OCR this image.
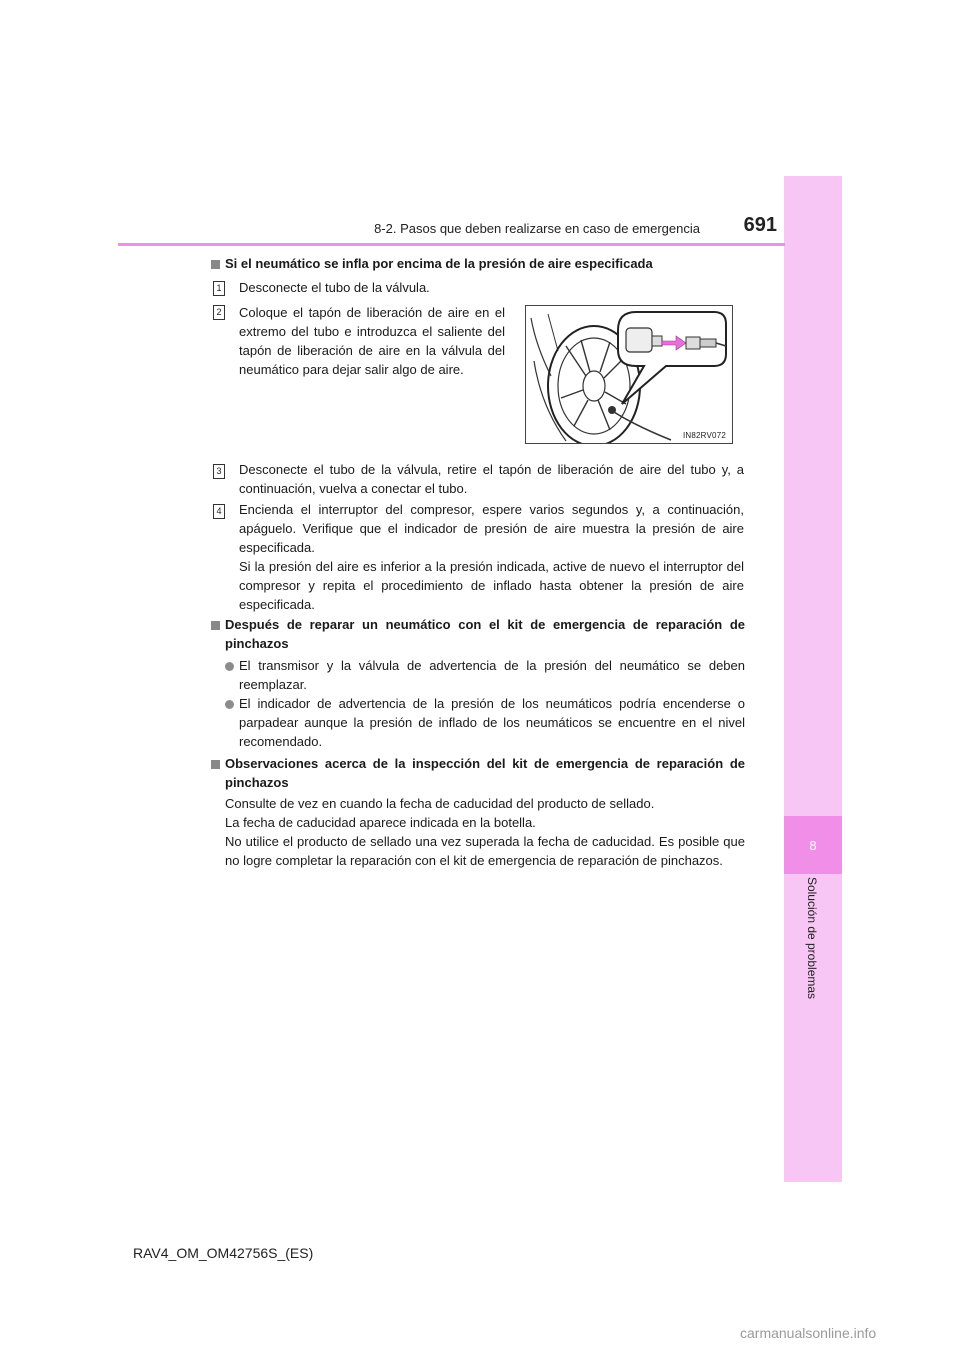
8
Solución de problemas
8-2. Pasos que deben realizarse en caso de emergencia	691
Si el neumático se infla por encima de la presión de aire especificada
1 Desconecte el tubo de la válvula.
2 Coloque el tapón de liberación de aire en el extremo del tubo e introduzca el saliente del tapón de liberación de aire en la válvula del neumático para dejar salir algo de aire.
IN82RV072
3 Desconecte el tubo de la válvula, retire el tapón de liberación de aire del tubo y, a continuación, vuelva a conectar el tubo.
4 Encienda el interruptor del compresor, espere varios segundos y, a continuación, apáguelo. Verifique que el indicador de presión de aire muestra la presión de aire especificada.
Si la presión del aire es inferior a la presión indicada, active de nuevo el interruptor del compresor y repita el procedimiento de inflado hasta obtener la presión de aire especificada.
Después de reparar un neumático con el kit de emergencia de reparación de pinchazos
El transmisor y la válvula de advertencia de la presión del neumático se deben reemplazar.
El indicador de advertencia de la presión de los neumáticos podría encenderse o parpadear aunque la presión de inflado de los neumáticos se encuentre en el nivel recomendado.
Observaciones acerca de la inspección del kit de emergencia de reparación de pinchazos
Consulte de vez en cuando la fecha de caducidad del producto de sellado.
La fecha de caducidad aparece indicada en la botella.
No utilice el producto de sellado una vez superada la fecha de caducidad. Es posible que no logre completar la reparación con el kit de emergencia de reparación de pinchazos.
RAV4_OM_OM42756S_(ES)
carmanualsonline.info
